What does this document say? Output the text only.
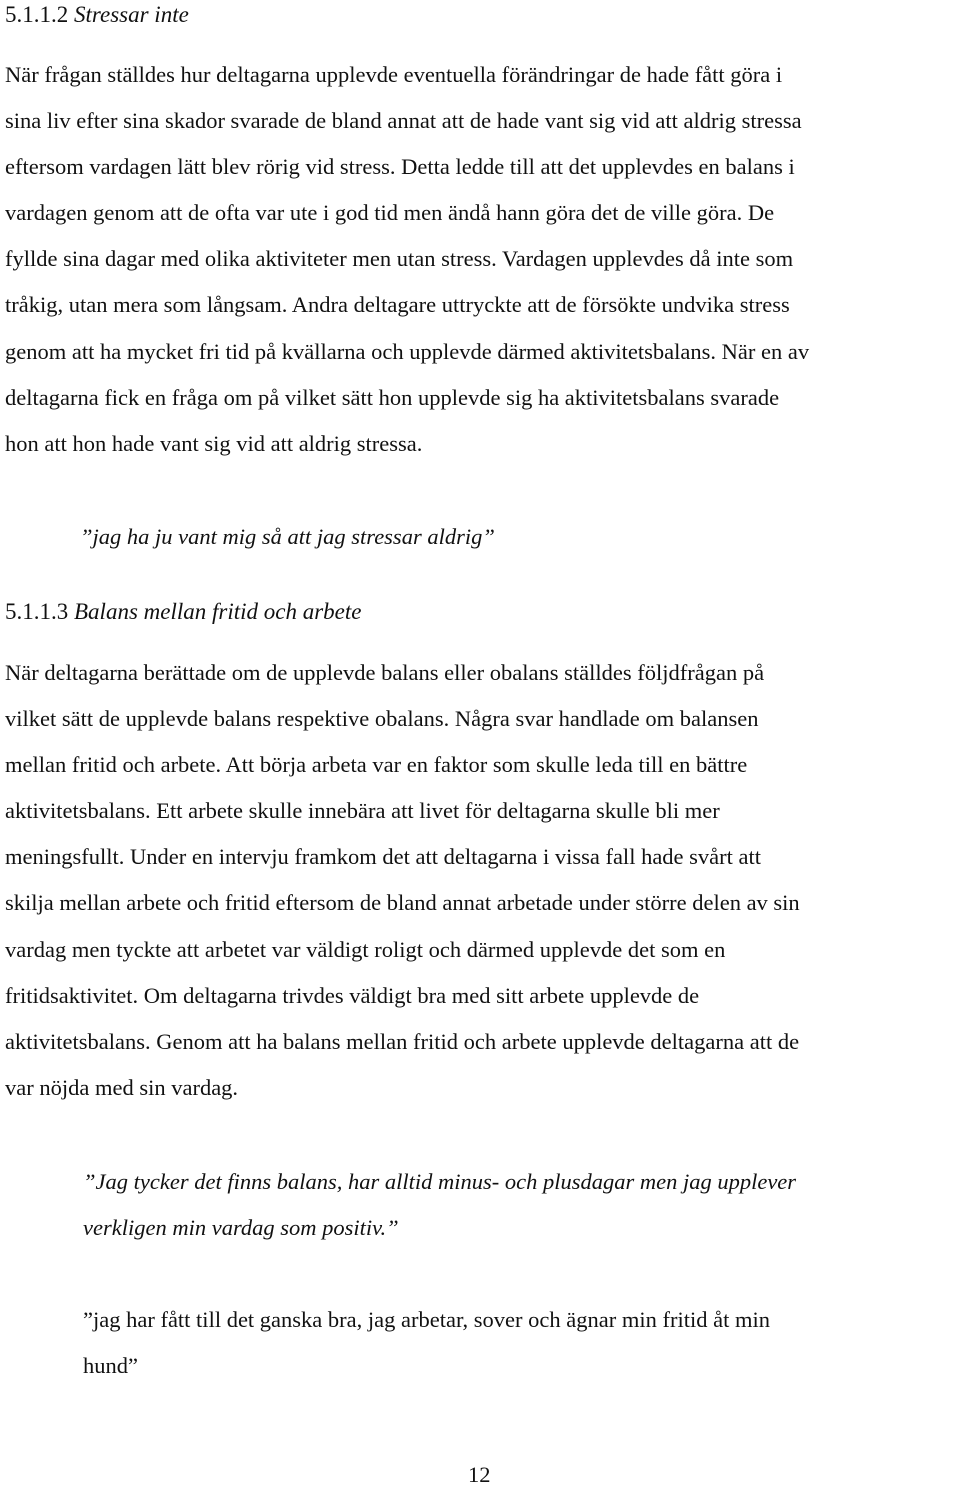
5.1.1.2 Stressar inte
När frågan ställdes hur deltagarna upplevde eventuella förändringar de hade fått göra i
sina liv efter sina skador svarade de bland annat att de hade vant sig vid att aldrig stressa
eftersom vardagen lätt blev rörig vid stress. Detta ledde till att det upplevdes en balans i
vardagen genom att de ofta var ute i god tid men ändå hann göra det de ville göra. De
fyllde sina dagar med olika aktiviteter men utan stress. Vardagen upplevdes då inte som
tråkig, utan mera som långsam. Andra deltagare uttryckte att de försökte undvika stress
genom att ha mycket fri tid på kvällarna och upplevde därmed aktivitetsbalans. När en av
deltagarna fick en fråga om på vilket sätt hon upplevde sig ha aktivitetsbalans svarade
hon att hon hade vant sig vid att aldrig stressa.
”jag ha ju vant mig så att jag stressar aldrig”
5.1.1.3 Balans mellan fritid och arbete
När deltagarna berättade om de upplevde balans eller obalans ställdes följdfrågan på
vilket sätt de upplevde balans respektive obalans. Några svar handlade om balansen
mellan fritid och arbete. Att börja arbeta var en faktor som skulle leda till en bättre
aktivitetsbalans. Ett arbete skulle innebära att livet för deltagarna skulle bli mer
meningsfullt. Under en intervju framkom det att deltagarna i vissa fall hade svårt att
skilja mellan arbete och fritid eftersom de bland annat arbetade under större delen av sin
vardag men tyckte att arbetet var väldigt roligt och därmed upplevde det som en
fritidsaktivitet. Om deltagarna trivdes väldigt bra med sitt arbete upplevde de
aktivitetsbalans. Genom att ha balans mellan fritid och arbete upplevde deltagarna att de
var nöjda med sin vardag.
”Jag tycker det finns balans, har alltid minus- och plusdagar men jag upplever
verkligen min vardag som positiv.”
”jag har fått till det ganska bra, jag arbetar, sover och ägnar min fritid åt min
hund”
12
